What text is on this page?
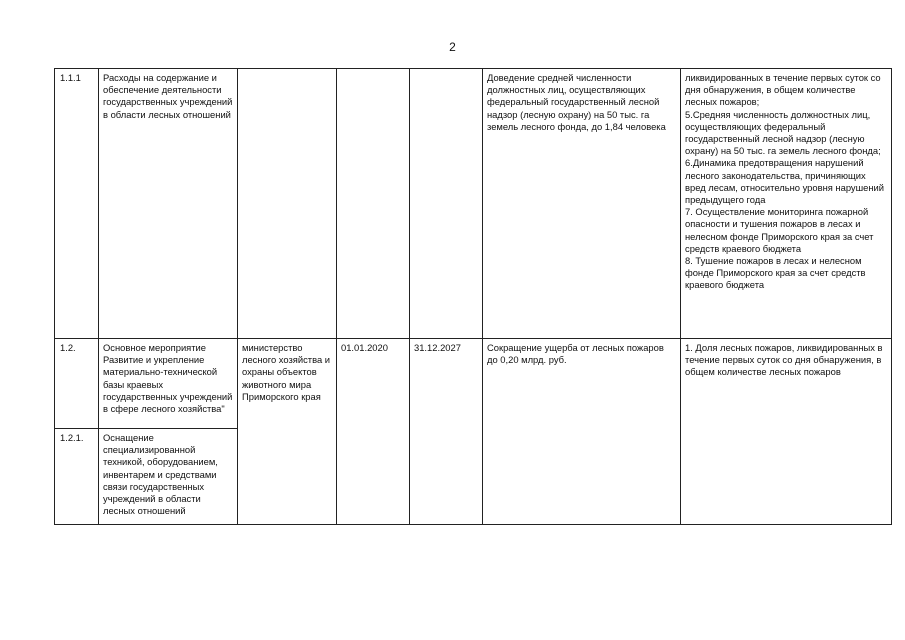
2
1.1.1	Расходы на содержание и обеспечение деятельности государственных учреждений в области лесных отношений				Доведение средней численности должностных лиц, осуществляющих федеральный государственный лесной надзор (лесную охрану) на 50 тыс. га земель лесного фонда, до 1,84 человека	ликвидированных в течение первых суток со дня обнаружения, в общем количестве лесных пожаров;
5.Средняя численность должностных лиц, осуществляющих федеральный государственный лесной надзор (лесную охрану) на 50 тыс. га земель лесного фонда;
6.Динамика предотвращения нарушений лесного законодательства, причиняющих вред лесам, относительно уровня нарушений предыдущего года
7. Осуществление мониторинга пожарной опасности и тушения пожаров в лесах и нелесном фонде Приморского края за счет средств краевого бюджета
8. Тушение пожаров в лесах и нелесном фонде Приморского края за счет средств краевого бюджета

1.2.	Основное мероприятие Развитие и укрепление материально-технической базы краевых государственных учреждений в сфере лесного хозяйства"	министерство лесного хозяйства и охраны объектов животного мира Приморского края	01.01.2020	31.12.2027	Сокращение ущерба от лесных пожаров до 0,20 млрд. руб.	1. Доля лесных пожаров, ликвидированных в течение первых суток со дня обнаружения, в общем количестве лесных пожаров

1.2.1.	Оснащение специализированной техникой, оборудованием, инвентарем и средствами связи государственных учреждений в области лесных отношений					
